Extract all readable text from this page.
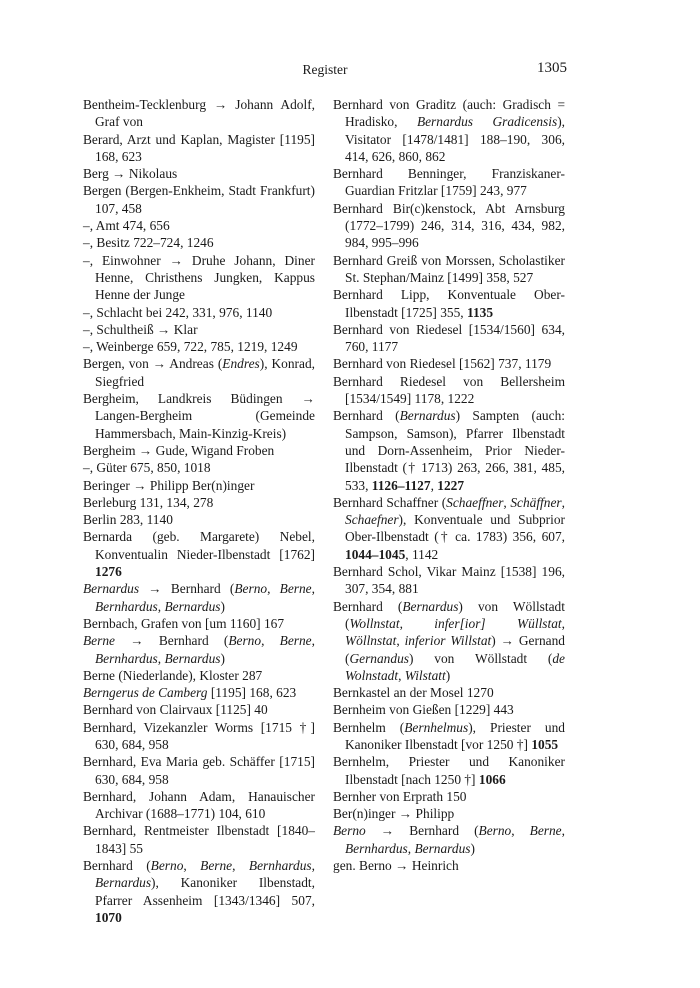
Register	1305

Bentheim-Tecklenburg → Johann Adolf, Graf von

Berard, Arzt und Kaplan, Magister [1195] 168, 623

Berg → Nikolaus

Bergen (Bergen-Enkheim, Stadt Frankfurt) 107, 458

–, Amt 474, 656

–, Besitz 722–724, 1246

–, Einwohner → Druhe Johann, Diner Henne, Christhens Jungken, Kappus Henne der Junge

–, Schlacht bei 242, 331, 976, 1140

–, Schultheiß → Klar

–, Weinberge 659, 722, 785, 1219, 1249

Bergen, von → Andreas (Endres), Konrad, Siegfried

Bergheim, Landkreis Büdingen → Langen-Bergheim (Gemeinde Hammersbach, Main-Kinzig-Kreis)

Bergheim → Gude, Wigand Froben

–, Güter 675, 850, 1018

Beringer → Philipp Ber(n)inger

Berleburg 131, 134, 278

Berlin 283, 1140

Bernarda (geb. Margarete) Nebel, Konventualin Nieder-Ilbenstadt [1762] 1276

Bernardus → Bernhard (Berno, Berne, Bernhardus, Bernardus)

Bernbach, Grafen von [um 1160] 167

Berne → Bernhard (Berno, Berne, Bernhardus, Bernardus)

Berne (Niederlande), Kloster 287

Berngerus de Camberg [1195] 168, 623

Bernhard von Clairvaux [1125] 40

Bernhard, Vizekanzler Worms [1715 †] 630, 684, 958

Bernhard, Eva Maria geb. Schäffer [1715] 630, 684, 958

Bernhard, Johann Adam, Hanauischer Archivar (1688–1771) 104, 610

Bernhard, Rentmeister Ilbenstadt [1840–1843] 55

Bernhard (Berno, Berne, Bernhardus, Bernardus), Kanoniker Ilbenstadt, Pfarrer Assenheim [1343/1346] 507, 1070

Bernhard von Graditz (auch: Gradisch = Hradisko, Bernardus Gradicensis), Visitator [1478/1481] 188–190, 306, 414, 626, 860, 862

Bernhard Benninger, Franziskaner-Guardian Fritzlar [1759] 243, 977

Bernhard Bir(c)kenstock, Abt Arnsburg (1772–1799) 246, 314, 316, 434, 982, 984, 995–996

Bernhard Greiß von Morssen, Scholastiker St. Stephan/Mainz [1499] 358, 527

Bernhard Lipp, Konventuale Ober-Ilbenstadt [1725] 355, 1135

Bernhard von Riedesel [1534/1560] 634, 760, 1177

Bernhard von Riedesel [1562] 737, 1179

Bernhard Riedesel von Bellersheim [1534/1549] 1178, 1222

Bernhard (Bernardus) Sampten (auch: Sampson, Samson), Pfarrer Ilbenstadt und Dorn-Assenheim, Prior Nieder-Ilbenstadt († 1713) 263, 266, 381, 485, 533, 1126–1127, 1227

Bernhard Schaffner (Schaeffner, Schäffner, Schaefner), Konventuale und Subprior Ober-Ilbenstadt († ca. 1783) 356, 607, 1044–1045, 1142

Bernhard Schol, Vikar Mainz [1538] 196, 307, 354, 881

Bernhard (Bernardus) von Wöllstadt (Wollnstat, infer[ior] Wüllstat, Wöllnstat, inferior Willstat) → Gernand (Gernandus) von Wöllstadt (de Wolnstadt, Wilstatt)

Bernkastel an der Mosel 1270

Bernheim von Gießen [1229] 443

Bernhelm (Bernhelmus), Priester und Kanoniker Ilbenstadt [vor 1250 †] 1055

Bernhelm, Priester und Kanoniker Ilbenstadt [nach 1250 †] 1066

Bernher von Erprath 150

Ber(n)inger → Philipp

Berno → Bernhard (Berno, Berne, Bernhardus, Bernardus)

gen. Berno → Heinrich
